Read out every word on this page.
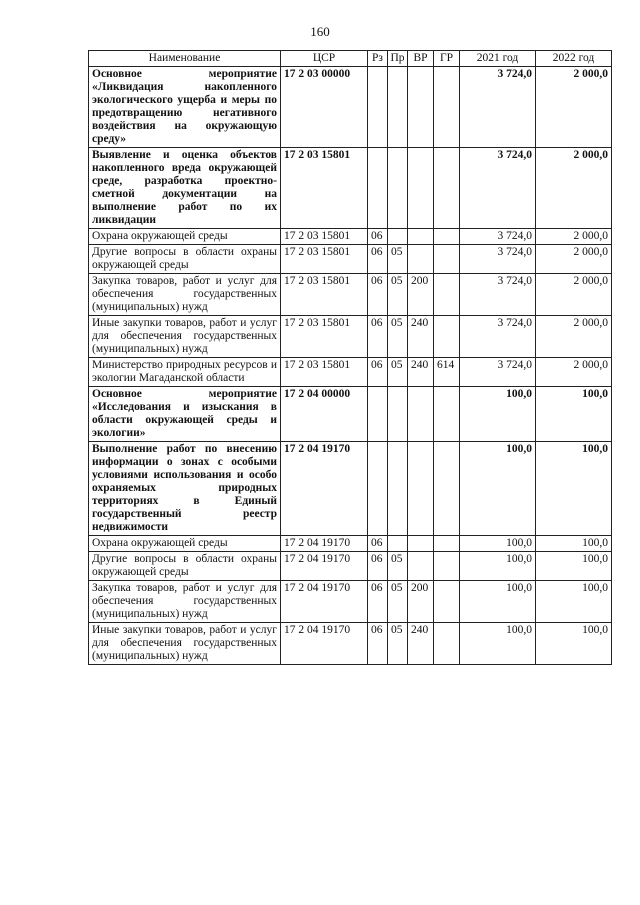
160
Наименование	ЦСР	Рз	Пр	ВР	ГР	2021 год	2022 год
Основное мероприятие «Ликвидация накопленного экологического ущерба и меры по предотвращению негативного воздействия на окружающую среду»	17 2 03 00000					3 724,0	2 000,0
Выявление и оценка объектов накопленного вреда окружающей среде, разработка проектно-сметной документации на выполнение работ по их ликвидации	17 2 03 15801					3 724,0	2 000,0
Охрана окружающей среды	17 2 03 15801	06				3 724,0	2 000,0
Другие вопросы в области охраны окружающей среды	17 2 03 15801	06	05			3 724,0	2 000,0
Закупка товаров, работ и услуг для обеспечения государственных (муниципальных) нужд	17 2 03 15801	06	05	200		3 724,0	2 000,0
Иные закупки товаров, работ и услуг для обеспечения государственных (муниципальных) нужд	17 2 03 15801	06	05	240		3 724,0	2 000,0
Министерство природных ресурсов и экологии Магаданской области	17 2 03 15801	06	05	240	614	3 724,0	2 000,0
Основное мероприятие «Исследования и изыскания в области окружающей среды и экологии»	17 2 04 00000					100,0	100,0
Выполнение работ по внесению информации о зонах с особыми условиями использования и особо охраняемых природных территориях в Единый государственный реестр недвижимости	17 2 04 19170					100,0	100,0
Охрана окружающей среды	17 2 04 19170	06				100,0	100,0
Другие вопросы в области охраны окружающей среды	17 2 04 19170	06	05			100,0	100,0
Закупка товаров, работ и услуг для обеспечения государственных (муниципальных) нужд	17 2 04 19170	06	05	200		100,0	100,0
Иные закупки товаров, работ и услуг для обеспечения государственных (муниципальных) нужд	17 2 04 19170	06	05	240		100,0	100,0
